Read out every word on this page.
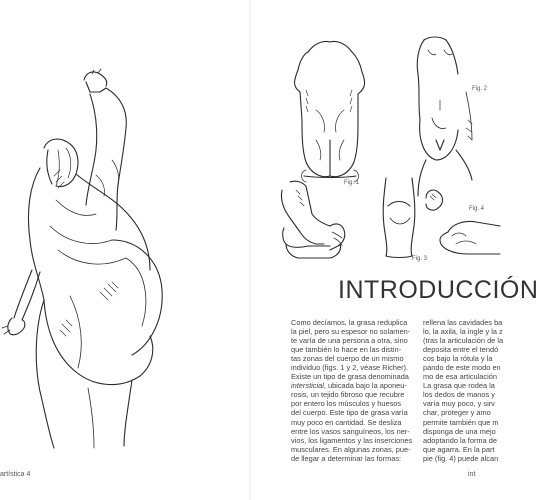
Fig. 1
Fig. 2
Fig. 3
Fig. 4
INTRODUCCIÓN
Como decíamos, la grasa reduplica
la piel, pero su espesor no solamen-
te varía de una persona a otra, sino
que también lo hace en las distin-
tas zonas del cuerpo de un mismo
individuo (figs. 1 y 2, véase Richer).
Existe un tipo de grasa denominada
intersticial, ubicada bajo la aponeu-
rosis, un tejido fibroso que recubre
por entero los músculos y huesos
del cuerpo. Este tipo de grasa varía
muy poco en cantidad. Se desliza
entre los vasos sanguíneos, los ner-
vios, los ligamentos y las inserciones
musculares. En algunas zonas, pue-
de llegar a determinar las formas:
rellena las cavidades ba
lo, la axila, la ingle y la z
(tras la articulación de la
deposita entre el tendó
cos bajo la rótula y la
pando de este modo en
mo de esa articulación
La grasa que rodea la
los dedos de manos y
varía muy poco, y sirv
char, proteger y amo
permite también que m
disponga de una mejo
adoptando la forma de
que agarra. En la part
pie (fig. 4) puede alcan
artística 4	int
